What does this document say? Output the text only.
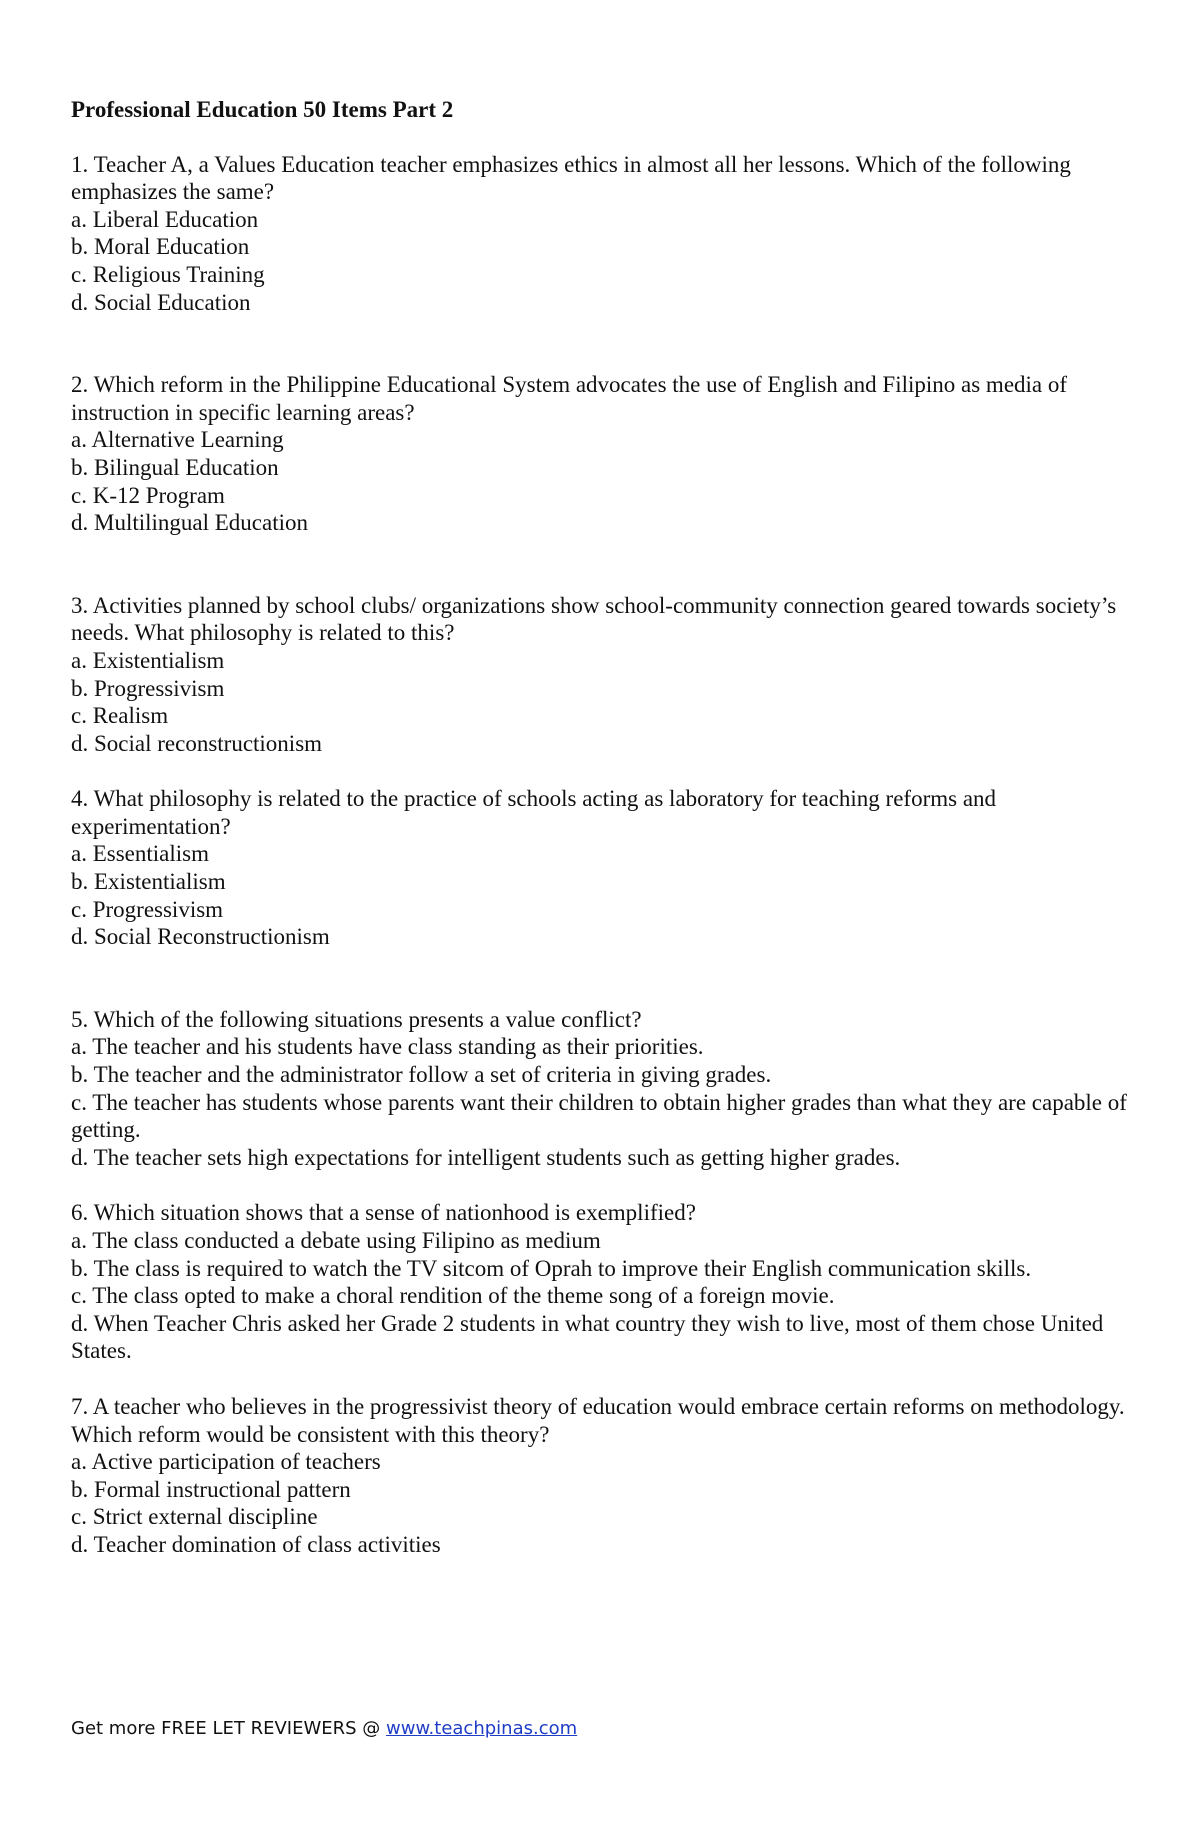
Professional Education 50 Items Part 2
1. Teacher A, a Values Education teacher emphasizes ethics in almost all her lessons. Which of the following emphasizes the same?
a. Liberal Education
b. Moral Education
c. Religious Training
d. Social Education
2. Which reform in the Philippine Educational System advocates the use of English and Filipino as media of instruction in specific learning areas?
a. Alternative Learning
b. Bilingual Education
c. K-12 Program
d. Multilingual Education
3. Activities planned by school clubs/ organizations show school-community connection geared towards society’s needs. What philosophy is related to this?
a. Existentialism
b. Progressivism
c. Realism
d. Social reconstructionism
4. What philosophy is related to the practice of schools acting as laboratory for teaching reforms and experimentation?
a. Essentialism
b. Existentialism
c. Progressivism
d. Social Reconstructionism
5. Which of the following situations presents a value conflict?
a. The teacher and his students have class standing as their priorities.
b. The teacher and the administrator follow a set of criteria in giving grades.
c. The teacher has students whose parents want their children to obtain higher grades than what they are capable of getting.
d. The teacher sets high expectations for intelligent students such as getting higher grades.
6. Which situation shows that a sense of nationhood is exemplified?
a. The class conducted a debate using Filipino as medium
b. The class is required to watch the TV sitcom of Oprah to improve their English communication skills.
c. The class opted to make a choral rendition of the theme song of a foreign movie.
d. When Teacher Chris asked her Grade 2 students in what country they wish to live, most of them chose United States.
7. A teacher who believes in the progressivist theory of education would embrace certain reforms on methodology. Which reform would be consistent with this theory?
a. Active participation of teachers
b. Formal instructional pattern
c. Strict external discipline
d. Teacher domination of class activities
Get more FREE LET REVIEWERS @ www.teachpinas.com
